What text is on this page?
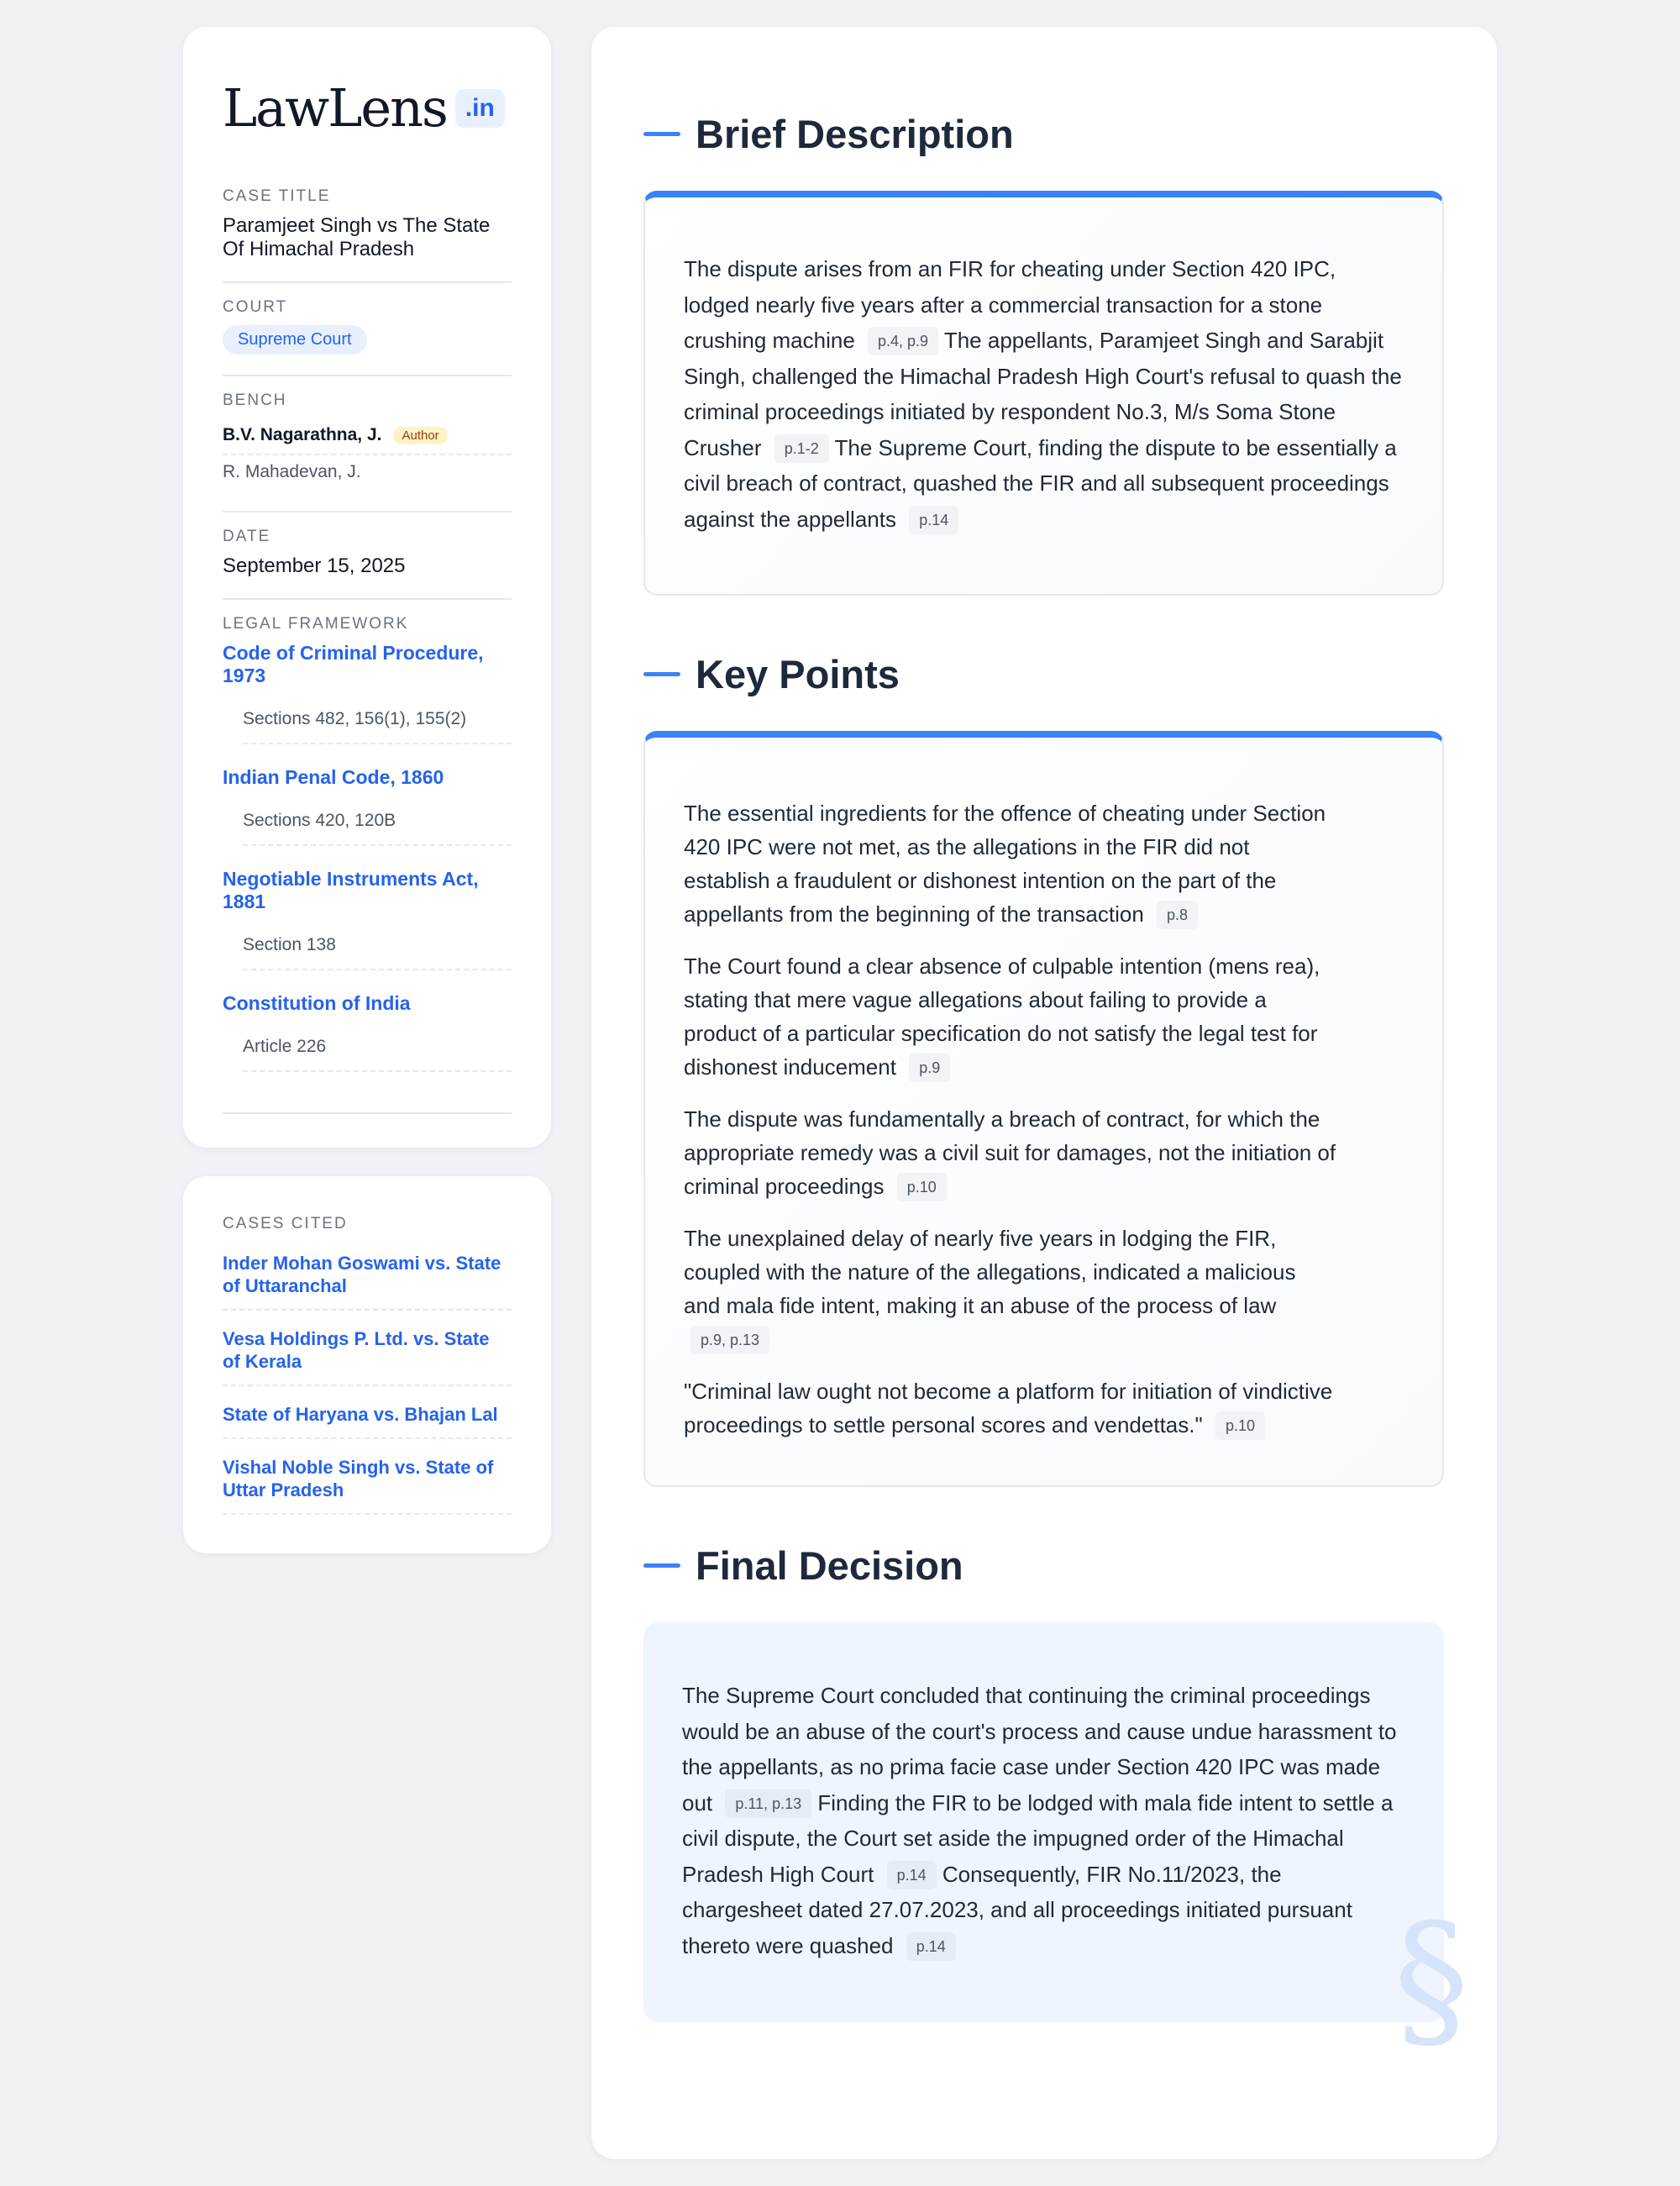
LawLens .in
CASE TITLE
Paramjeet Singh vs The State Of Himachal Pradesh
COURT
Supreme Court
BENCH
B.V. Nagarathna, J.	Author
R. Mahadevan, J.
DATE
September 15, 2025
LEGAL FRAMEWORK
Code of Criminal Procedure, 1973
Sections 482, 156(1), 155(2)
Indian Penal Code, 1860
Sections 420, 120B
Negotiable Instruments Act, 1881
Section 138
Constitution of India
Article 226
CASES CITED
Inder Mohan Goswami vs. State of Uttaranchal
Vesa Holdings P. Ltd. vs. State of Kerala
State of Haryana vs. Bhajan Lal
Vishal Noble Singh vs. State of Uttar Pradesh
Brief Description
The dispute arises from an FIR for cheating under Section 420 IPC, lodged nearly five years after a commercial transaction for a stone crushing machine p.4, p.9 The appellants, Paramjeet Singh and Sarabjit Singh, challenged the Himachal Pradesh High Court's refusal to quash the criminal proceedings initiated by respondent No.3, M/s Soma Stone Crusher p.1-2 The Supreme Court, finding the dispute to be essentially a civil breach of contract, quashed the FIR and all subsequent proceedings against the appellants p.14
Key Points
The essential ingredients for the offence of cheating under Section 420 IPC were not met, as the allegations in the FIR did not establish a fraudulent or dishonest intention on the part of the appellants from the beginning of the transaction p.8
The Court found a clear absence of culpable intention (mens rea), stating that mere vague allegations about failing to provide a product of a particular specification do not satisfy the legal test for dishonest inducement p.9
The dispute was fundamentally a breach of contract, for which the appropriate remedy was a civil suit for damages, not the initiation of criminal proceedings p.10
The unexplained delay of nearly five years in lodging the FIR, coupled with the nature of the allegations, indicated a malicious and mala fide intent, making it an abuse of the process of law p.9, p.13
"Criminal law ought not become a platform for initiation of vindictive proceedings to settle personal scores and vendettas." p.10
Final Decision
§
The Supreme Court concluded that continuing the criminal proceedings would be an abuse of the court's process and cause undue harassment to the appellants, as no prima facie case under Section 420 IPC was made out p.11, p.13 Finding the FIR to be lodged with mala fide intent to settle a civil dispute, the Court set aside the impugned order of the Himachal Pradesh High Court p.14 Consequently, FIR No.11/2023, the chargesheet dated 27.07.2023, and all proceedings initiated pursuant thereto were quashed p.14
